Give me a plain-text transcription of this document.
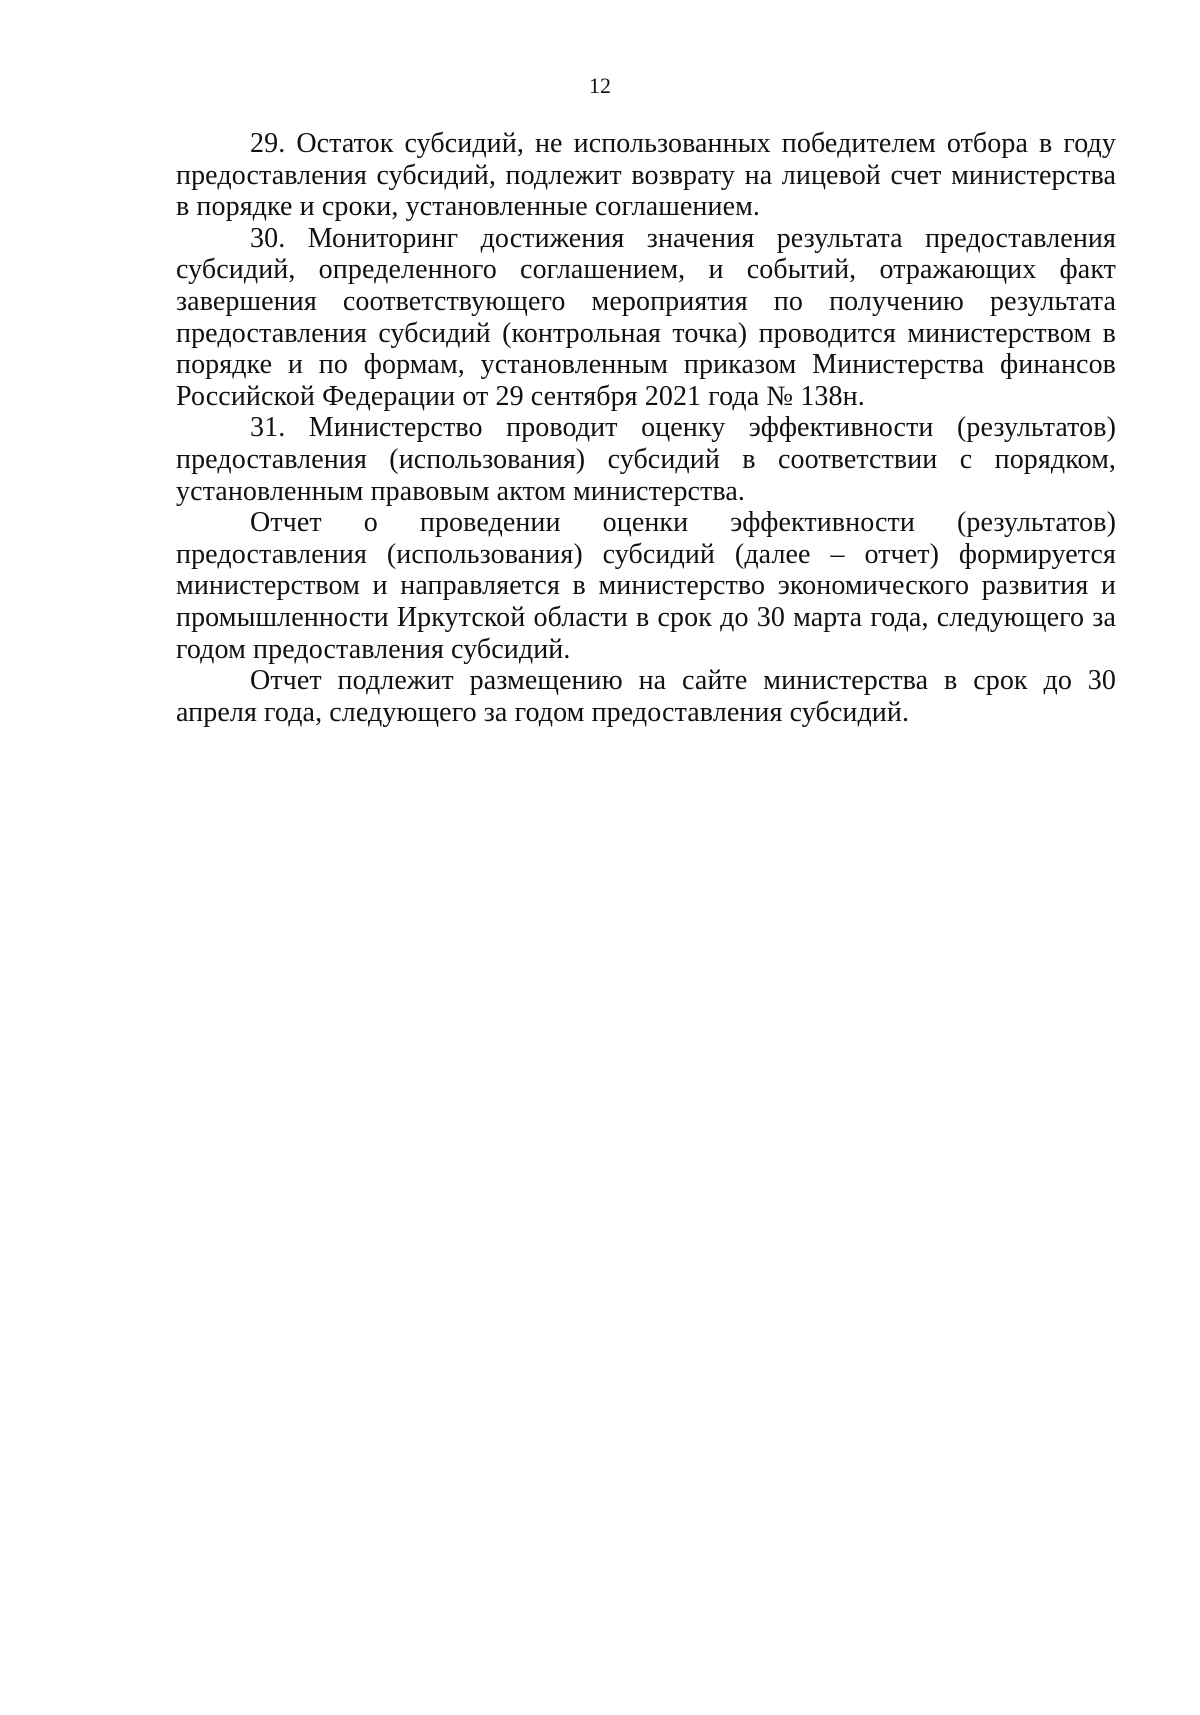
12

29. Остаток субсидий, не использованных победителем отбора в году предоставления субсидий, подлежит возврату на лицевой счет министерства в порядке и сроки, установленные соглашением.

30. Мониторинг достижения значения результата предоставления субсидий, определенного соглашением, и событий, отражающих факт завершения соответствующего мероприятия по получению результата предоставления субсидий (контрольная точка) проводится министерством в порядке и по формам, установленным приказом Министерства финансов Российской Федерации от 29 сентября 2021 года № 138н.

31. Министерство проводит оценку эффективности (результатов) предоставления (использования) субсидий в соответствии с порядком, установленным правовым актом министерства.

Отчет о проведении оценки эффективности (результатов) предоставления (использования) субсидий (далее – отчет) формируется министерством и направляется в министерство экономического развития и промышленности Иркутской области в срок до 30 марта года, следующего за годом предоставления субсидий.

Отчет подлежит размещению на сайте министерства в срок до 30 апреля года, следующего за годом предоставления субсидий.
